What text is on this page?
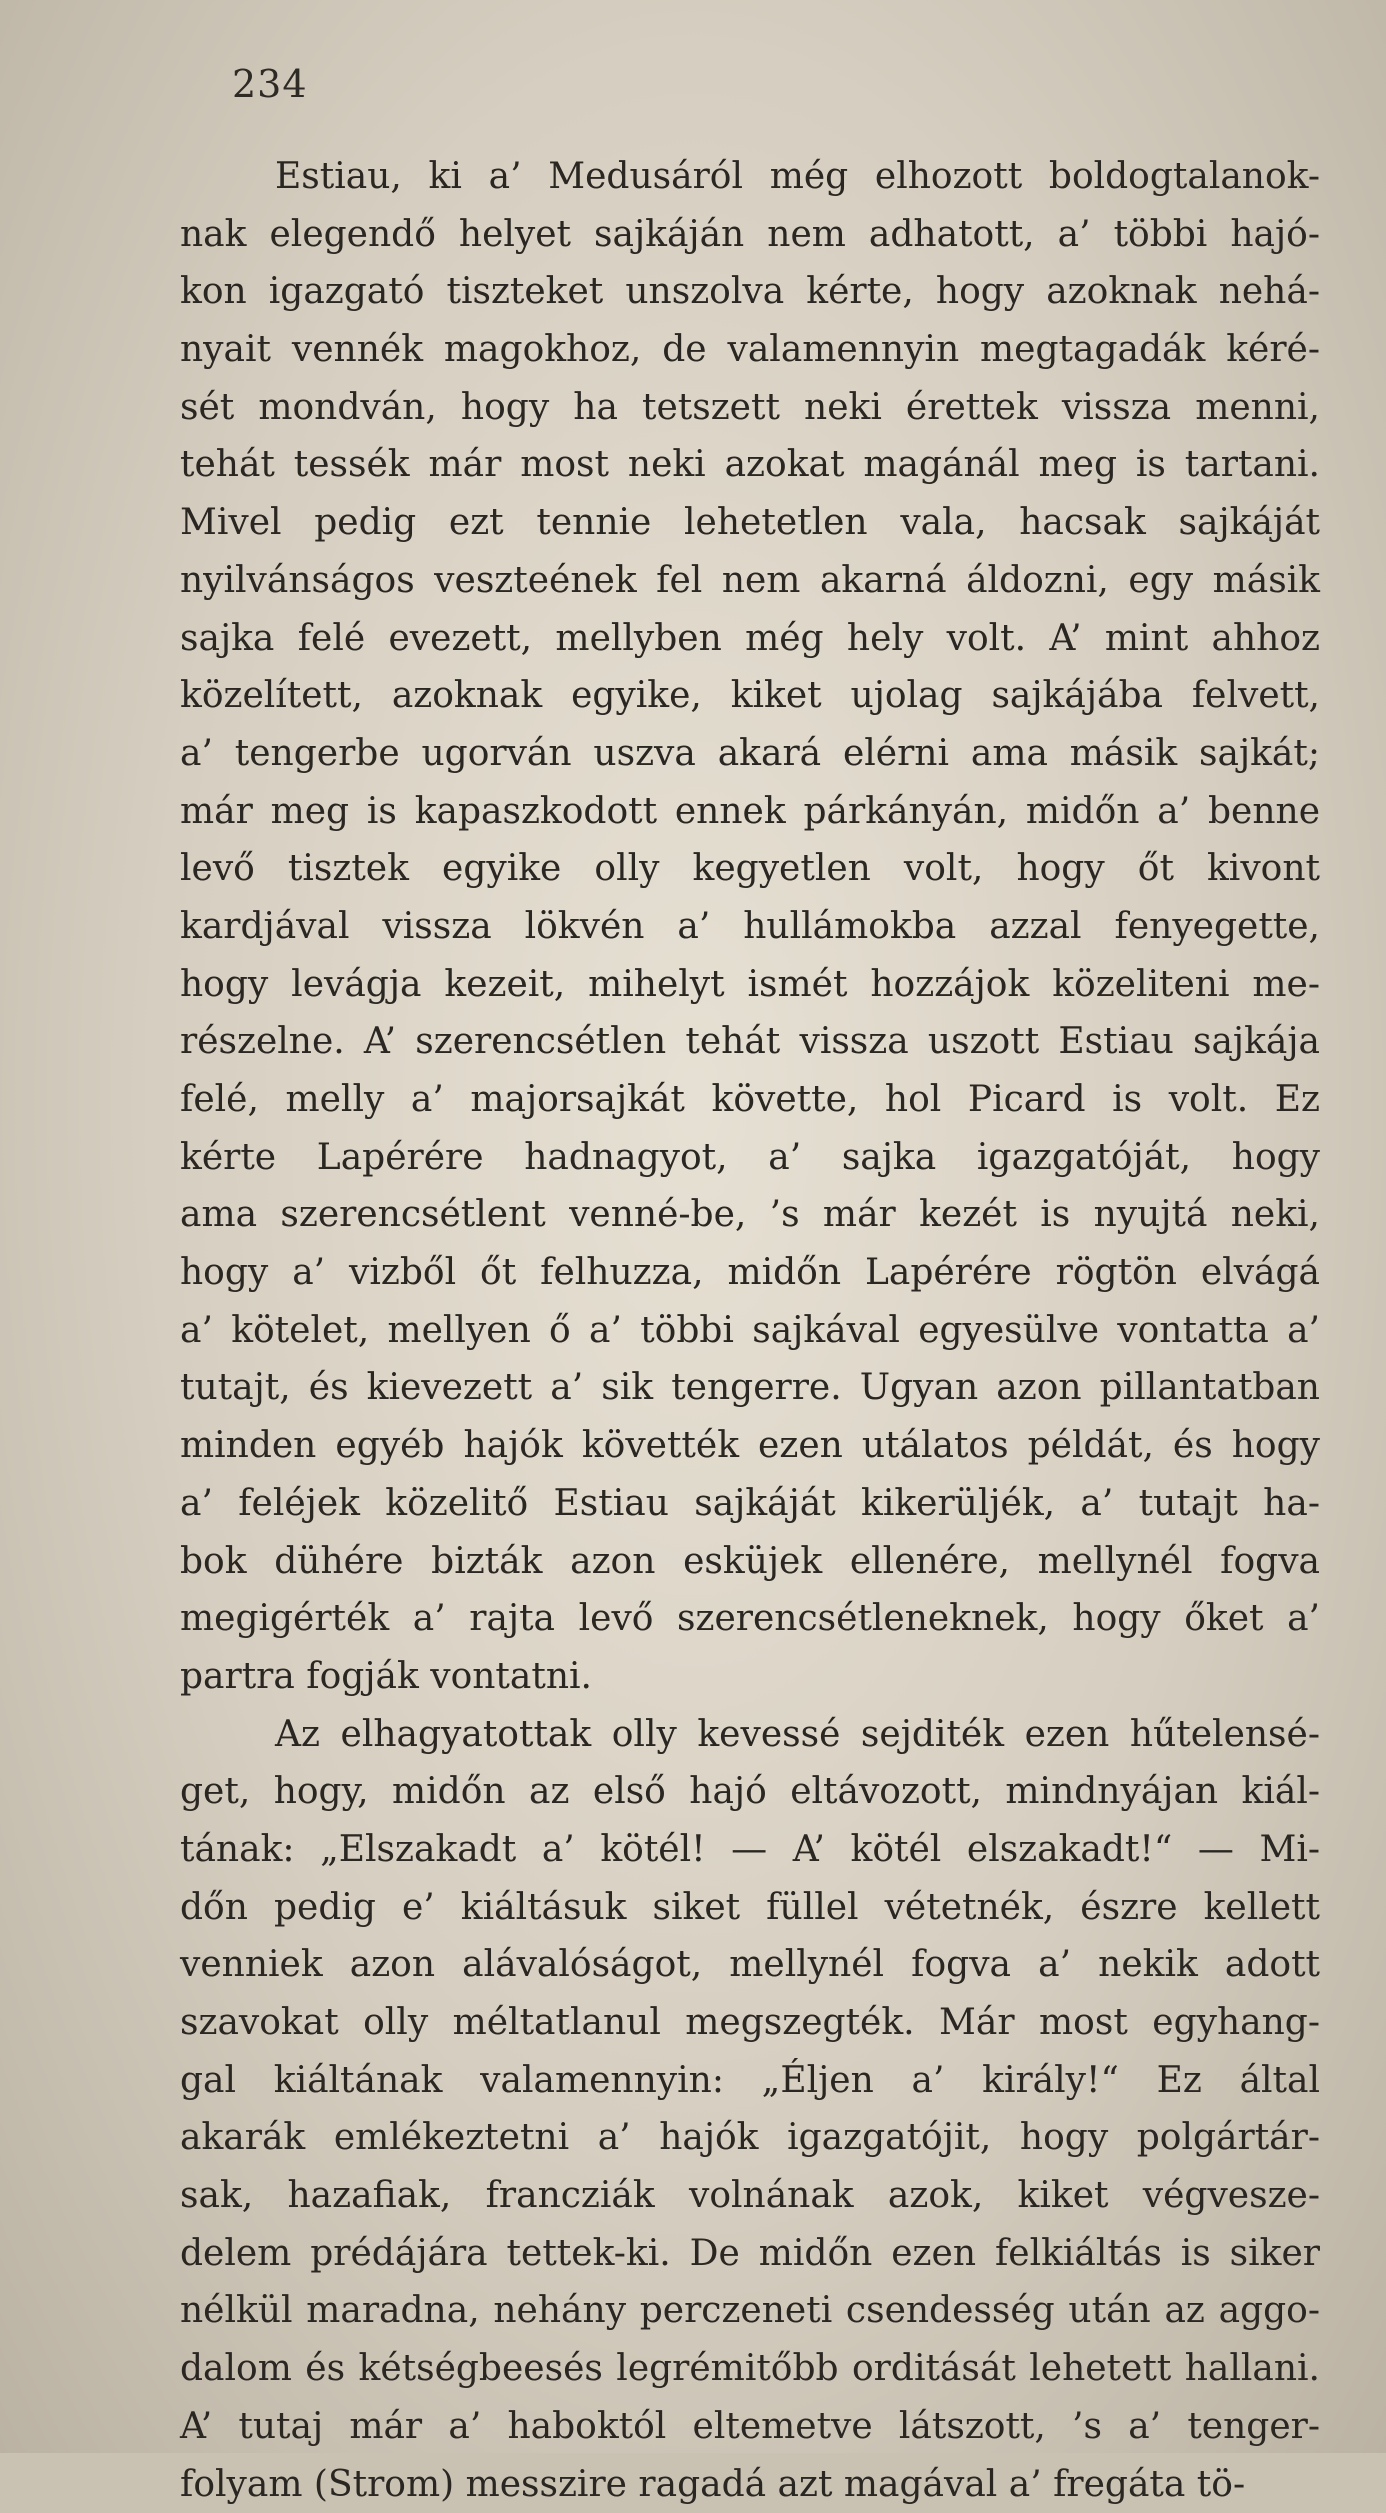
234
Estiau, ki a’ Medusáról még elhozott boldogtalanok-
nak elegendő helyet sajkáján nem adhatott, a’ többi hajó-
kon igazgató tiszteket unszolva kérte, hogy azoknak nehá-
nyait vennék magokhoz, de valamennyin megtagadák kéré-
sét mondván, hogy ha tetszett neki érettek vissza menni,
tehát tessék már most neki azokat magánál meg is tartani.
Mivel pedig ezt tennie lehetetlen vala, hacsak sajkáját
nyilvánságos veszteének fel nem akarná áldozni, egy másik
sajka felé evezett, mellyben még hely volt. A’ mint ahhoz
közelített, azoknak egyike, kiket ujolag sajkájába felvett,
a’ tengerbe ugorván uszva akará elérni ama másik sajkát;
már meg is kapaszkodott ennek párkányán, midőn a’ benne
levő tisztek egyike olly kegyetlen volt, hogy őt kivont
kardjával vissza lökvén a’ hullámokba azzal fenyegette,
hogy levágja kezeit, mihelyt ismét hozzájok közeliteni me-
részelne. A’ szerencsétlen tehát vissza uszott Estiau sajkája
felé, melly a’ majorsajkát követte, hol Picard is volt. Ez
kérte Lapérére hadnagyot, a’ sajka igazgatóját, hogy
ama szerencsétlent venné-be, ’s már kezét is nyujtá neki,
hogy a’ vizből őt felhuzza, midőn Lapérére rögtön elvágá
a’ kötelet, mellyen ő a’ többi sajkával egyesülve vontatta a’
tutajt, és kievezett a’ sik tengerre. Ugyan azon pillantatban
minden egyéb hajók követték ezen utálatos példát, és hogy
a’ feléjek közelitő Estiau sajkáját kikerüljék, a’ tutajt ha-
bok dühére bizták azon esküjek ellenére, mellynél fogva
megigérték a’ rajta levő szerencsétleneknek, hogy őket a’
partra fogják vontatni.
Az elhagyatottak olly kevessé sejditék ezen hűtelensé-
get, hogy, midőn az első hajó eltávozott, mindnyájan kiál-
tának: „Elszakadt a’ kötél! — A’ kötél elszakadt!“ — Mi-
dőn pedig e’ kiáltásuk siket füllel vétetnék, észre kellett
venniek azon alávalóságot, mellynél fogva a’ nekik adott
szavokat olly méltatlanul megszegték. Már most egyhang-
gal kiáltának valamennyin: „Éljen a’ király!“ Ez által
akarák emlékeztetni a’ hajók igazgatójit, hogy polgártár-
sak, hazafiak, francziák volnának azok, kiket végvesze-
delem prédájára tettek-ki. De midőn ezen felkiáltás is siker
nélkül maradna, nehány perczeneti csendesség után az aggo-
dalom és kétségbeesés legrémitőbb orditását lehetett hallani.
A’ tutaj már a’ haboktól eltemetve látszott, ’s a’ tenger-
folyam (Strom) messzire ragadá azt magával a’ fregáta tö-
